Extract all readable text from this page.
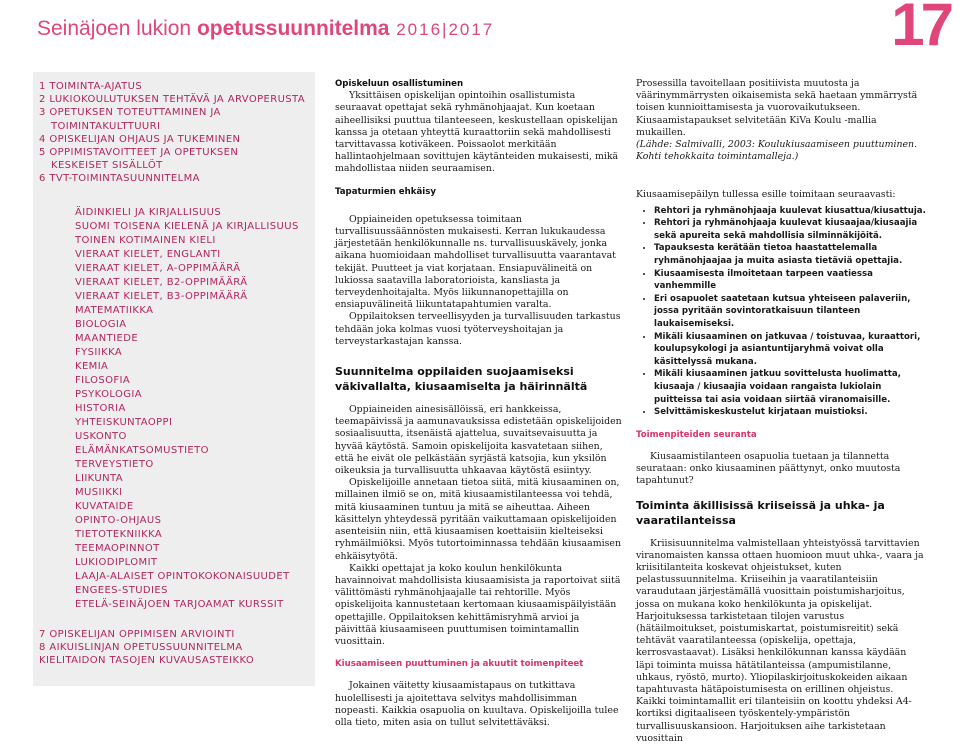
Seinäjoen lukion opetussuunnitelma 2016|2017	17
1 TOIMINTA-AJATUS
2 LUKIOKOULUTUKSEN TEHTÄVÄ JA ARVOPERUSTA
3 OPETUKSEN TOTEUTTAMINEN JA
TOIMINTAKULTTUURI
4 OPISKELIJAN OHJAUS JA TUKEMINEN
5 OPPIMISTAVOITTEET JA OPETUKSEN
KESKEISET SISÄLLÖT
6 TVT-TOIMINTASUUNNITELMA
ÄIDINKIELI JA KIRJALLISUUS
SUOMI TOISENA KIELENÄ JA KIRJALLISUUS
TOINEN KOTIMAINEN KIELI
VIERAAT KIELET, ENGLANTI
VIERAAT KIELET, A-OPPIMÄÄRÄ
VIERAAT KIELET, B2-OPPIMÄÄRÄ
VIERAAT KIELET, B3-OPPIMÄÄRÄ
MATEMATIIKKA
BIOLOGIA
MAANTIEDE
FYSIIKKA
KEMIA
FILOSOFIA
PSYKOLOGIA
HISTORIA
YHTEISKUNTAOPPI
USKONTO
ELÄMÄNKATSOMUSTIETO
TERVEYSTIETO
LIIKUNTA
MUSIIKKI
KUVATAIDE
OPINTO-OHJAUS
TIETOTEKNIIKKA
TEEMAOPINNOT
LUKIODIPLOMIT
LAAJA-ALAISET OPINTOKOKONAISUUDET
ENGEES-STUDIES
ETELÄ-SEINÄJOEN TARJOAMAT KURSSIT
7 OPISKELIJAN OPPIMISEN ARVIOINTI
8 AIKUISLINJAN OPETUSSUUNNITELMA
KIELITAIDON TASOJEN KUVAUSASTEIKKO

Opiskeluun osallistuminen

Yksittäisen opiskelijan opintoihin osallistumista seuraavat opettajat sekä ryhmänohjaajat. Kun koetaan aiheellisiksi puuttua tilanteeseen, keskustellaan opiskelijan kanssa ja otetaan yhteyttä kuraattoriin sekä mahdollisesti tarvittavassa kotiväkeen. Poissaolot merkitään hallintaohjelmaan sovittujen käytänteiden mukaisesti, mikä mahdollistaa niiden seuraamisen.

Tapaturmien ehkäisy

Oppiaineiden opetuksessa toimitaan turvallisuussäännösten mukaisesti. Kerran lukukaudessa järjestetään henkilökunnalle ns. turvallisuuskävely, jonka aikana huomioidaan mahdolliset turvallisuutta vaarantavat tekijät. Puutteet ja viat korjataan. Ensiapuvälineitä on lukiossa saatavilla laboratorioista, kansliasta ja terveydenhoitajalta. Myös liikunnanopettajilla on ensiapuvälineitä liikuntatapahtumien varalta.

Oppilaitoksen terveellisyyden ja turvallisuuden tarkastus tehdään joka kolmas vuosi työterveyshoitajan ja terveystarkastajan kanssa.

Suunnitelma oppilaiden suojaamiseksi väkivallalta, kiusaamiselta ja häirinnältä

Oppiaineiden ainesisällöissä, eri hankkeissa, teemapäivissä ja aamunavauksissa edistetään opiskelijoiden sosiaalisuutta, itsenäistä ajattelua, suvaitsevaisuutta ja hyvää käytöstä. Samoin opiskelijoita kasvatetaan siihen, että he eivät ole pelkästään syrjästä katsojia, kun yksilön oikeuksia ja turvallisuutta uhkaavaa käytöstä esiintyy.

Opiskelijoille annetaan tietoa siitä, mitä kiusaaminen on, millainen ilmiö se on, mitä kiusaamistilanteessa voi tehdä, mitä kiusaaminen tuntuu ja mitä se aiheuttaa. Aiheen käsittelyn yhteydessä pyritään vaikuttamaan opiskelijoiden asenteisiin niin, että kiusaamisen koettaisiin kielteiseksi ryhmäilmiöksi. Myös tutortoiminnassa tehdään kiusaamisen ehkäisytyötä.

Kaikki opettajat ja koko koulun henkilökunta havainnoivat mahdollisista kiusaamisista ja raportoivat siitä välittömästi ryhmänohjaajalle tai rehtorille. Myös opiskelijoita kannustetaan kertomaan kiusaamispäilyistään opettajille. Oppilaitoksen kehittämisryhmä arvioi ja päivittää kiusaamiseen puuttumisen toimintamallin vuosittain.

Kiusaamiseen puuttuminen ja akuutit toimenpiteet

Jokainen väitetty kiusaamistapaus on tutkittava huolellisesti ja ajoitettava selvitys mahdollisimman nopeasti. Kaikkia osapuolia on kuultava. Opiskelijoilla tulee olla tieto, miten asia on tullut selvitettäväksi.

Prosessilla tavoitellaan positiivista muutosta ja väärinymmärrysten oikaisemista sekä haetaan ymmärrystä toisen kunnioittamisesta ja vuorovaikutukseen. Kiusaamistapaukset selvitetään KiVa Koulu -mallia mukaillen.

(Lähde: Salmivalli, 2003: Koulukiusaamiseen puuttuminen. Kohti tehokkaita toimintamalleja.)

Kiusaamisepäilyn tullessa esille toimitaan seuraavasti:

• Rehtori ja ryhmänohjaaja kuulevat kiusattua/kiusattuja.
• Rehtori ja ryhmänohjaaja kuulevat kiusaajaa/kiusaajia sekä apureita sekä mahdollisia silminnäkijöitä.
• Tapauksesta kerätään tietoa haastattelemalla ryhmänohjaajaa ja muita asiasta tietäviä opettajia.
• Kiusaamisesta ilmoitetaan tarpeen vaatiessa vanhemmille
• Eri osapuolet saatetaan kutsua yhteiseen palaveriin, jossa pyritään sovintoratkaisuun tilanteen laukaisemiseksi.
• Mikäli kiusaaminen on jatkuvaa / toistuvaa, kuraattori, koulupsykologi ja asiantuntijaryhmä voivat olla käsittelyssä mukana.
• Mikäli kiusaaminen jatkuu sovittelusta huolimatta, kiusaaja / kiusaajia voidaan rangaista lukiolain puitteissa tai asia voidaan siirtää viranomaisille.
• Selvittämiskeskustelut kirjataan muistioksi.

Toimenpiteiden seuranta

Kiusaamistilanteen osapuolia tuetaan ja tilannetta seurataan: onko kiusaaminen päättynyt, onko muutosta tapahtunut?

Toiminta äkillisissä kriiseissä ja uhka- ja vaaratilanteissa

Kriisisuunnitelma valmistellaan yhteistyössä tarvittavien viranomaisten kanssa ottaen huomioon muut uhka-, vaara ja kriisitilanteita koskevat ohjeistukset, kuten pelastussuunnitelma. Kriiseihin ja vaaratilanteisiin varaudutaan järjestämällä vuosittain poistumisharjoitus, jossa on mukana koko henkilökunta ja opiskelijat. Harjoituksessa tarkistetaan tilojen varustus (hätäilmoitukset, poistumiskartat, poistumisreitit) sekä tehtävät vaaratilanteessa (opiskelija, opettaja, kerrosvastaavat). Lisäksi henkilökunnan kanssa käydään läpi toiminta muissa hätätilanteissa (ampumistilanne, uhkaus, ryöstö, murto). Yliopilaskirjoituskokeiden aikaan tapahtuvasta hätäpoistumisesta on erillinen ohjeistus. Kaikki toimintamallit eri tilanteisiin on koottu yhdeksi A4-kortiksi digitaaliseen työskentely-ympäristön turvallisuuskansioon. Harjoituksen aihe tarkistetaan vuosittain
